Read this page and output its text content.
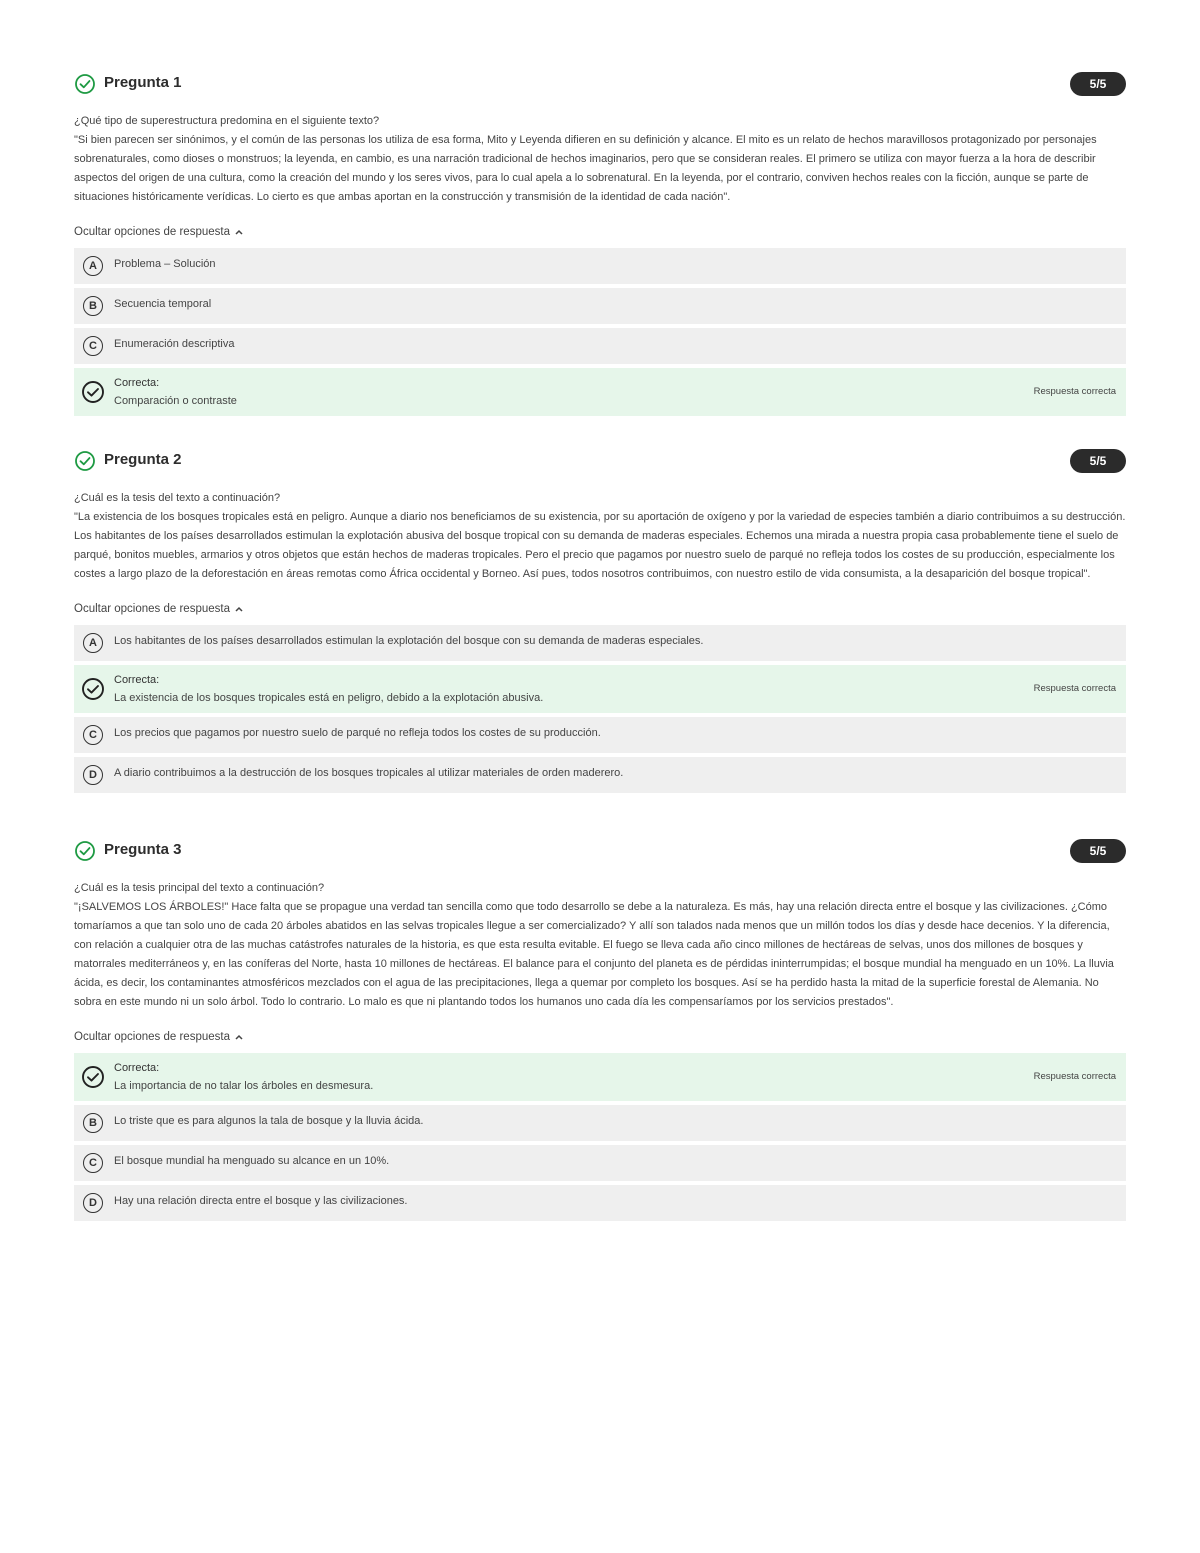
Pregunta 1	5/5
¿Qué tipo de superestructura predomina en el siguiente texto?
"Si bien parecen ser sinónimos, y el común de las personas los utiliza de esa forma, Mito y Leyenda difieren en su definición y alcance. El mito es un relato de hechos maravillosos protagonizado por personajes sobrenaturales, como dioses o monstruos; la leyenda, en cambio, es una narración tradicional de hechos imaginarios, pero que se consideran reales. El primero se utiliza con mayor fuerza a la hora de describir aspectos del origen de una cultura, como la creación del mundo y los seres vivos, para lo cual apela a lo sobrenatural. En la leyenda, por el contrario, conviven hechos reales con la ficción, aunque se parte de situaciones históricamente verídicas. Lo cierto es que ambas aportan en la construcción y transmisión de la identidad de cada nación".
Ocultar opciones de respuesta
A	Problema – Solución
B	Secuencia temporal
C	Enumeración descriptiva
Correcta:
Comparación o contraste
Respuesta correcta
Pregunta 2	5/5
¿Cuál es la tesis del texto a continuación?
"La existencia de los bosques tropicales está en peligro. Aunque a diario nos beneficiamos de su existencia, por su aportación de oxígeno y por la variedad de especies también a diario contribuimos a su destrucción. Los habitantes de los países desarrollados estimulan la explotación abusiva del bosque tropical con su demanda de maderas especiales. Echemos una mirada a nuestra propia casa probablemente tiene el suelo de parqué, bonitos muebles, armarios y otros objetos que están hechos de maderas tropicales. Pero el precio que pagamos por nuestro suelo de parqué no refleja todos los costes de su producción, especialmente los costes a largo plazo de la deforestación en áreas remotas como África occidental y Borneo. Así pues, todos nosotros contribuimos, con nuestro estilo de vida consumista, a la desaparición del bosque tropical".
Ocultar opciones de respuesta
A	Los habitantes de los países desarrollados estimulan la explotación del bosque con su demanda de maderas especiales.
Correcta:
La existencia de los bosques tropicales está en peligro, debido a la explotación abusiva.
Respuesta correcta
C	Los precios que pagamos por nuestro suelo de parqué no refleja todos los costes de su producción.
D	A diario contribuimos a la destrucción de los bosques tropicales al utilizar materiales de orden maderero.
Pregunta 3	5/5
¿Cuál es la tesis principal del texto a continuación?
"¡SALVEMOS LOS ÁRBOLES!" Hace falta que se propague una verdad tan sencilla como que todo desarrollo se debe a la naturaleza. Es más, hay una relación directa entre el bosque y las civilizaciones. ¿Cómo tomaríamos a que tan solo uno de cada 20 árboles abatidos en las selvas tropicales llegue a ser comercializado? Y allí son talados nada menos que un millón todos los días y desde hace decenios. Y la diferencia, con relación a cualquier otra de las muchas catástrofes naturales de la historia, es que esta resulta evitable. El fuego se lleva cada año cinco millones de hectáreas de selvas, unos dos millones de bosques y matorrales mediterráneos y, en las coníferas del Norte, hasta 10 millones de hectáreas. El balance para el conjunto del planeta es de pérdidas ininterrumpidas; el bosque mundial ha menguado en un 10%. La lluvia ácida, es decir, los contaminantes atmosféricos mezclados con el agua de las precipitaciones, llega a quemar por completo los bosques. Así se ha perdido hasta la mitad de la superficie forestal de Alemania. No sobra en este mundo ni un solo árbol. Todo lo contrario. Lo malo es que ni plantando todos los humanos uno cada día les compensaríamos por los servicios prestados".
Ocultar opciones de respuesta
Correcta:
La importancia de no talar los árboles en desmesura.
Respuesta correcta
B	Lo triste que es para algunos la tala de bosque y la lluvia ácida.
C	El bosque mundial ha menguado su alcance en un 10%.
D	Hay una relación directa entre el bosque y las civilizaciones.
